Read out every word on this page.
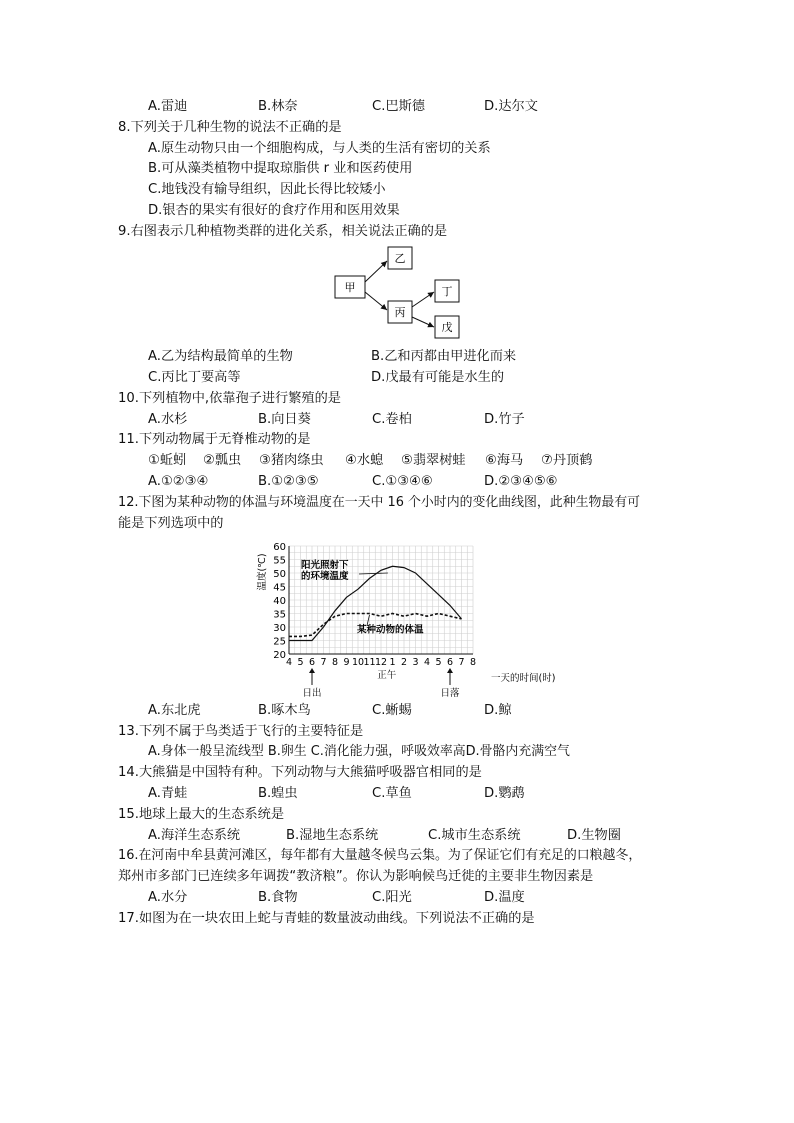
A.雷迪	B.林奈	C.巴斯德	D.达尔文
8.下列关于几种生物的说法不正确的是
A.原生动物只由一个细胞构成，与人类的生活有密切的关系
B.可从藻类植物中提取琼脂供 r 业和医药使用
C.地钱没有输导组织，因此长得比较矮小
D.银杏的果实有很好的食疗作用和医用效果
9.右图表示几种植物类群的进化关系，相关说法正确的是
甲
乙
丙
丁
戊
A.乙为结构最简单的生物	B.乙和丙都由甲进化而来
C.丙比丁要高等	D.戊最有可能是水生的
10.下列植物中,依靠孢子进行繁殖的是
A.水杉	B.向日葵	C.卷柏	D.竹子
11.下列动物属于无脊椎动物的是
①蚯蚓 ②瓢虫 ③猪肉绦虫 ④水螅 ⑤翡翠树蛙 ⑥海马 ⑦丹顶鹤
A.①②③④	B.①②③⑤	C.①③④⑥	D.②③④⑤⑥
12.下图为某种动物的体温与环境温度在一天中 16 个小时内的变化曲线图，此种生物最有可
能是下列选项中的
20
25
30
35
40
45
50
55
60
4 5 6 7 8 9 10 11 12 1 2 3 4 5 6 7 8
温度(℃)	阳光照射下
的环境温度
某种动物的体温
正午
日出	日落
一天的时间(时)
A.东北虎	B.啄木鸟	C.蜥蜴	D.鲸
13.下列不属于鸟类适于飞行的主要特征是
A.身体一般呈流线型 B.卵生 C.消化能力强，呼吸效率高D.骨骼内充满空气
14.大熊猫是中国特有种。下列动物与大熊猫呼吸器官相同的是
A.青蛙	B.蝗虫	C.草鱼	D.鹦鹉
15.地球上最大的生态系统是
A.海洋生态系统	B.湿地生态系统	C.城市生态系统	D.生物圈
16.在河南中牟县黄河滩区，每年都有大量越冬候鸟云集。为了保证它们有充足的口粮越冬，
郑州市多部门已连续多年调拨“教济粮”。你认为影响候鸟迁徙的主要非生物因素是
A.水分	B.食物	C.阳光	D.温度
17.如图为在一块农田上蛇与青蛙的数量波动曲线。下列说法不正确的是
